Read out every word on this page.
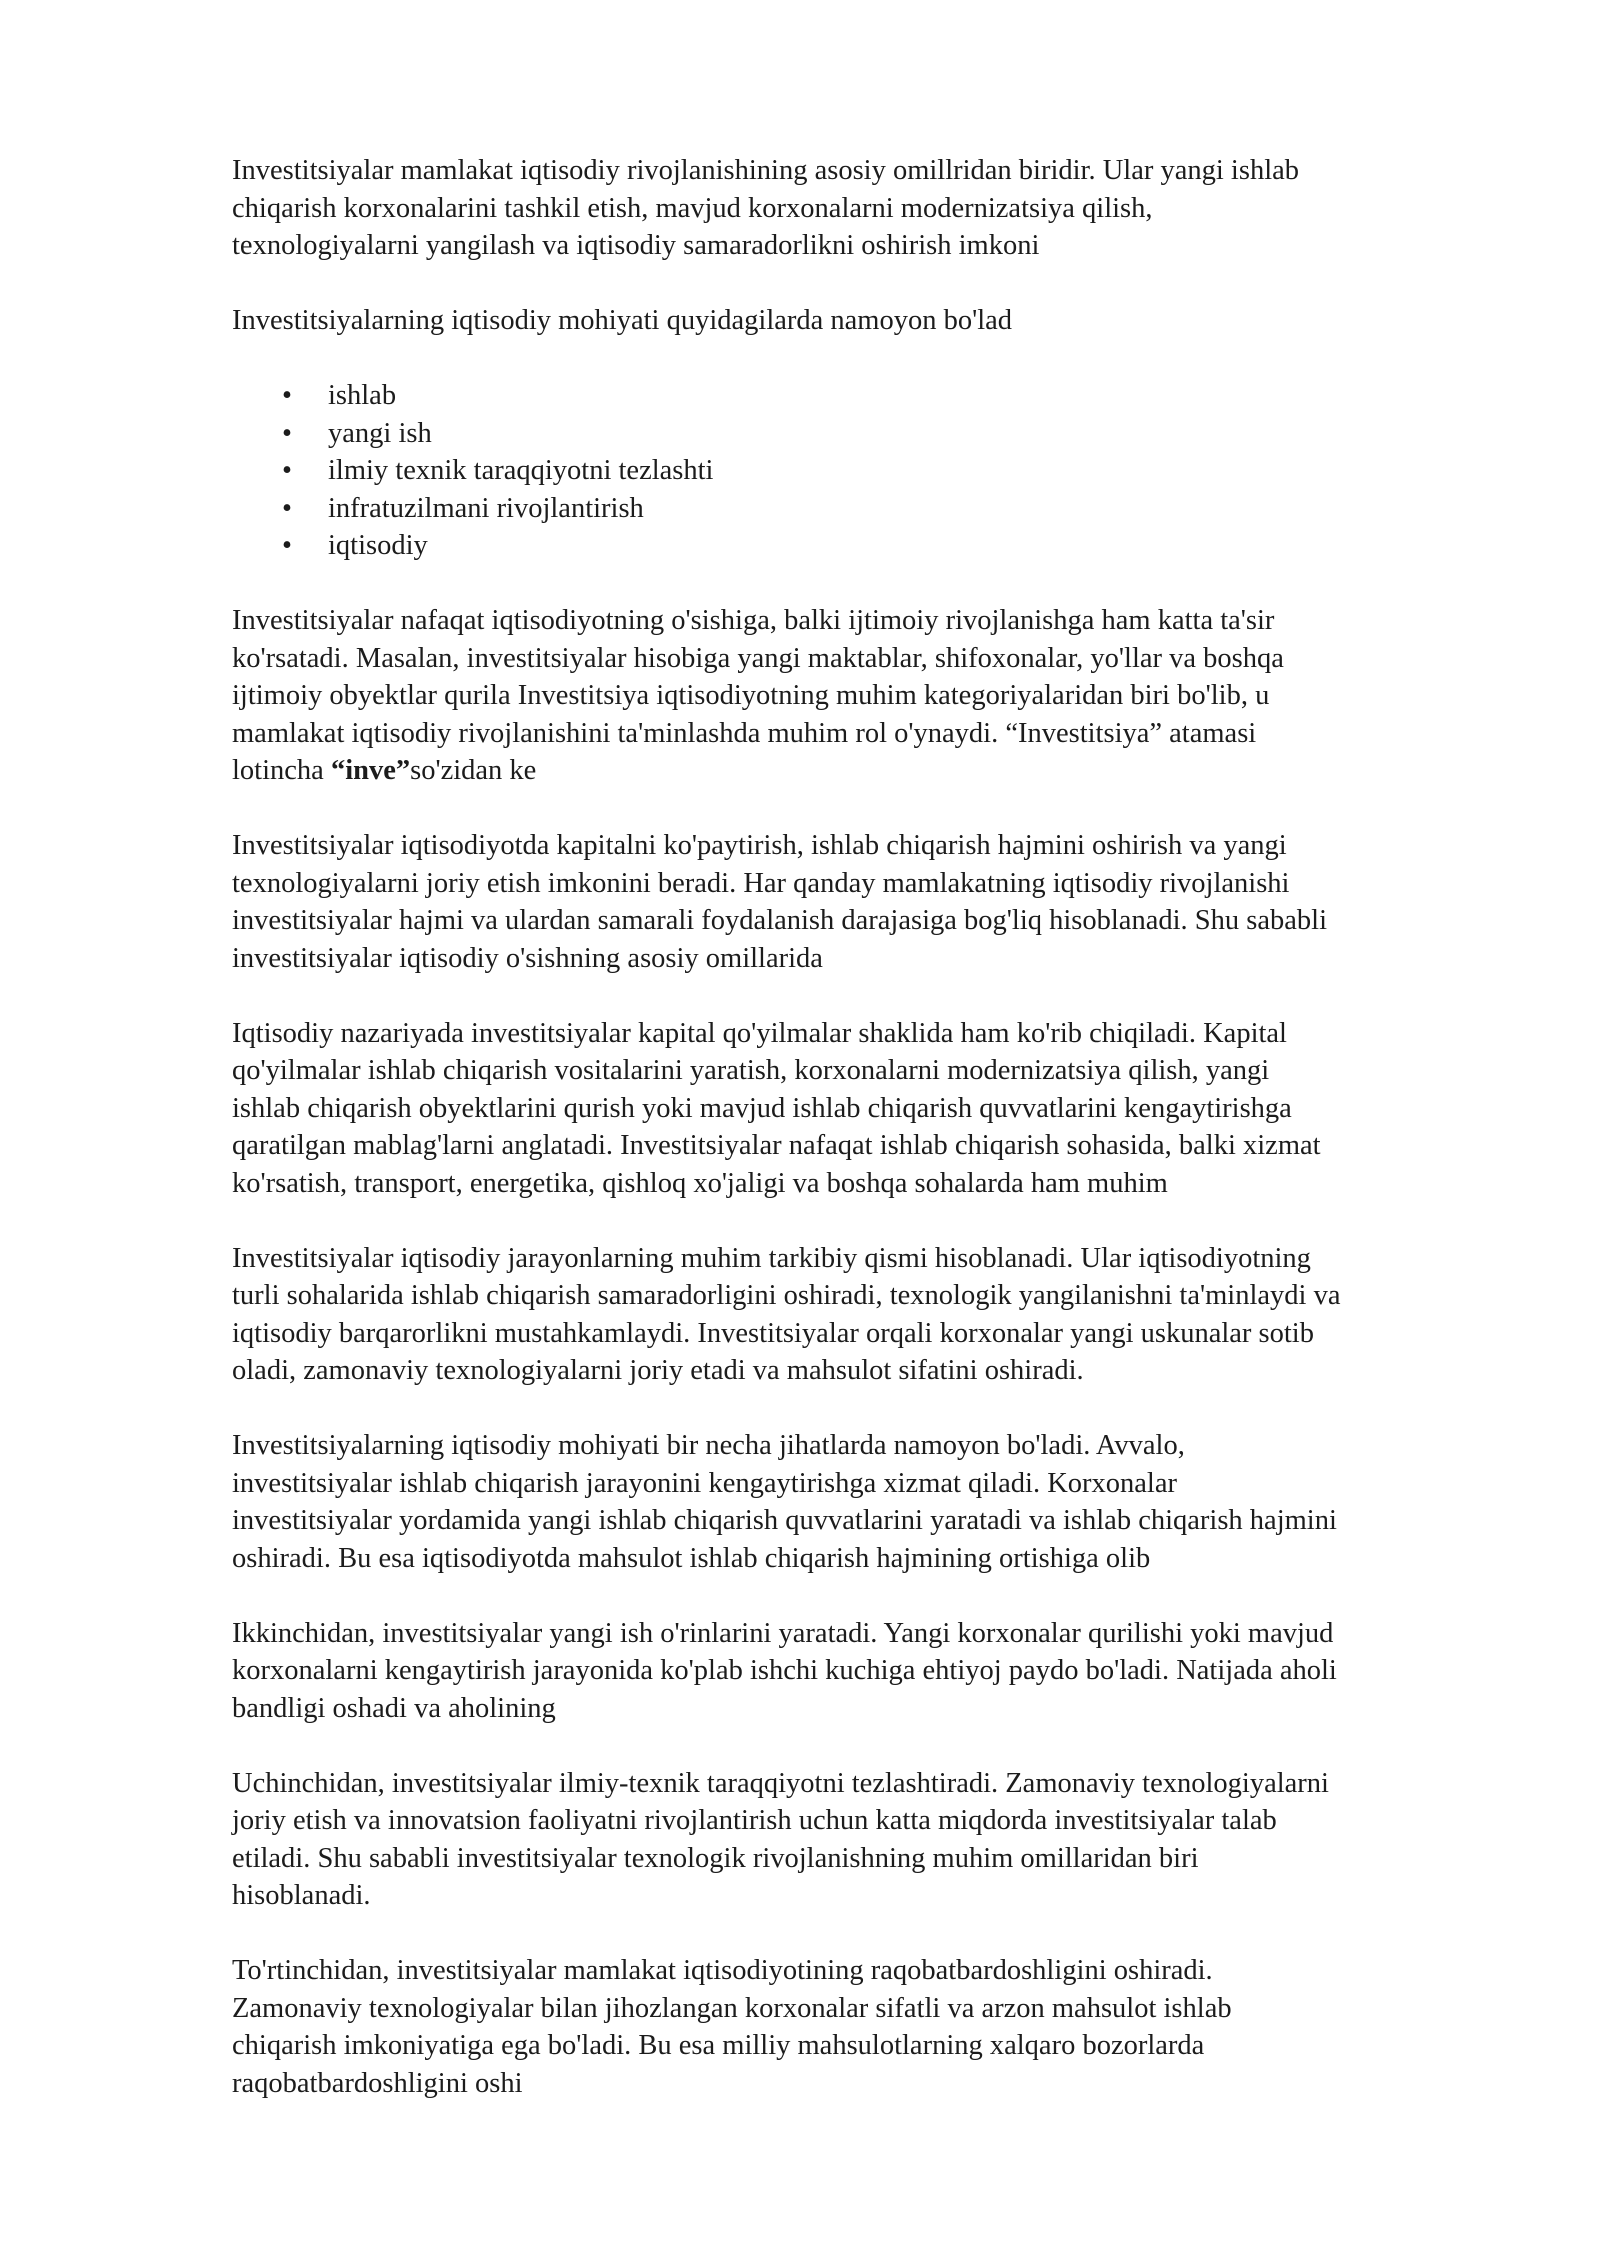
Investitsiyalar mamlakat iqtisodiy rivojlanishining asosiy omillridan biridir. Ular yangi ishlab
chiqarish korxonalarini tashkil etish, mavjud korxonalarni modernizatsiya qilish,
texnologiyalarni yangilash va iqtisodiy samaradorlikni oshirish imkoni

Investitsiyalarning iqtisodiy mohiyati quyidagilarda namoyon bo'lad

• ishlab
• yangi ish
• ilmiy texnik taraqqiyotni tezlashti
• infratuzilmani rivojlantirish
• iqtisodiy

Investitsiyalar nafaqat iqtisodiyotning o'sishiga, balki ijtimoiy rivojlanishga ham katta ta'sir
ko'rsatadi. Masalan, investitsiyalar hisobiga yangi maktablar, shifoxonalar, yo'llar va boshqa
ijtimoiy obyektlar qurila Investitsiya iqtisodiyotning muhim kategoriyalaridan biri bo'lib, u
mamlakat iqtisodiy rivojlanishini ta'minlashda muhim rol o'ynaydi. “Investitsiya” atamasi
lotincha “inve”so'zidan ke

Investitsiyalar iqtisodiyotda kapitalni ko'paytirish, ishlab chiqarish hajmini oshirish va yangi
texnologiyalarni joriy etish imkonini beradi. Har qanday mamlakatning iqtisodiy rivojlanishi
investitsiyalar hajmi va ulardan samarali foydalanish darajasiga bog'liq hisoblanadi. Shu sababli
investitsiyalar iqtisodiy o'sishning asosiy omillarida

Iqtisodiy nazariyada investitsiyalar kapital qo'yilmalar shaklida ham ko'rib chiqiladi. Kapital
qo'yilmalar ishlab chiqarish vositalarini yaratish, korxonalarni modernizatsiya qilish, yangi
ishlab chiqarish obyektlarini qurish yoki mavjud ishlab chiqarish quvvatlarini kengaytirishga
qaratilgan mablag'larni anglatadi. Investitsiyalar nafaqat ishlab chiqarish sohasida, balki xizmat
ko'rsatish, transport, energetika, qishloq xo'jaligi va boshqa sohalarda ham muhim

Investitsiyalar iqtisodiy jarayonlarning muhim tarkibiy qismi hisoblanadi. Ular iqtisodiyotning
turli sohalarida ishlab chiqarish samaradorligini oshiradi, texnologik yangilanishni ta'minlaydi va
iqtisodiy barqarorlikni mustahkamlaydi. Investitsiyalar orqali korxonalar yangi uskunalar sotib
oladi, zamonaviy texnologiyalarni joriy etadi va mahsulot sifatini oshiradi.

Investitsiyalarning iqtisodiy mohiyati bir necha jihatlarda namoyon bo'ladi. Avvalo,
investitsiyalar ishlab chiqarish jarayonini kengaytirishga xizmat qiladi. Korxonalar
investitsiyalar yordamida yangi ishlab chiqarish quvvatlarini yaratadi va ishlab chiqarish hajmini
oshiradi. Bu esa iqtisodiyotda mahsulot ishlab chiqarish hajmining ortishiga olib

Ikkinchidan, investitsiyalar yangi ish o'rinlarini yaratadi. Yangi korxonalar qurilishi yoki mavjud
korxonalarni kengaytirish jarayonida ko'plab ishchi kuchiga ehtiyoj paydo bo'ladi. Natijada aholi
bandligi oshadi va aholining

Uchinchidan, investitsiyalar ilmiy-texnik taraqqiyotni tezlashtiradi. Zamonaviy texnologiyalarni
joriy etish va innovatsion faoliyatni rivojlantirish uchun katta miqdorda investitsiyalar talab
etiladi. Shu sababli investitsiyalar texnologik rivojlanishning muhim omillaridan biri
hisoblanadi.

To'rtinchidan, investitsiyalar mamlakat iqtisodiyotining raqobatbardoshligini oshiradi.
Zamonaviy texnologiyalar bilan jihozlangan korxonalar sifatli va arzon mahsulot ishlab
chiqarish imkoniyatiga ega bo'ladi. Bu esa milliy mahsulotlarning xalqaro bozorlarda
raqobatbardoshligini oshi
